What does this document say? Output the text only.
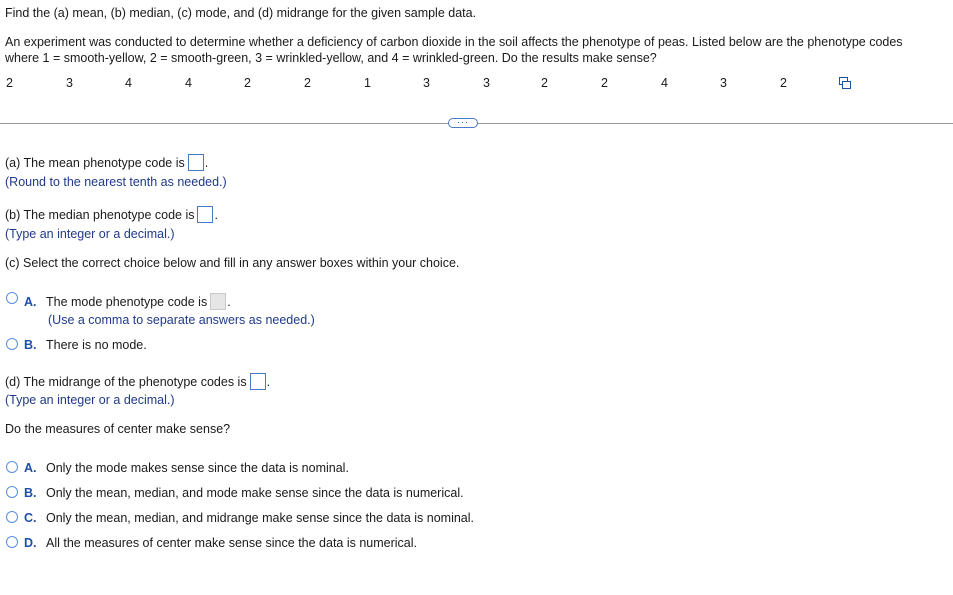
Find the (a) mean, (b) median, (c) mode, and (d) midrange for the given sample data.
An experiment was conducted to determine whether a deficiency of carbon dioxide in the soil affects the phenotype of peas. Listed below are the phenotype codes
where 1 = smooth-yellow, 2 = smooth-green, 3 = wrinkled-yellow, and 4 = wrinkled-green. Do the results make sense?
2	3	4	4	2	2	1	3	3	2	2	4	3	2
···
(a) The mean phenotype code is .
(Round to the nearest tenth as needed.)
(b) The median phenotype code is .
(Type an integer or a decimal.)
(c) Select the correct choice below and fill in any answer boxes within your choice.
A. The mode phenotype code is .
(Use a comma to separate answers as needed.)
B. There is no mode.
(d) The midrange of the phenotype codes is .
(Type an integer or a decimal.)
Do the measures of center make sense?
A. Only the mode makes sense since the data is nominal.
B. Only the mean, median, and mode make sense since the data is numerical.
C. Only the mean, median, and midrange make sense since the data is nominal.
D. All the measures of center make sense since the data is numerical.
